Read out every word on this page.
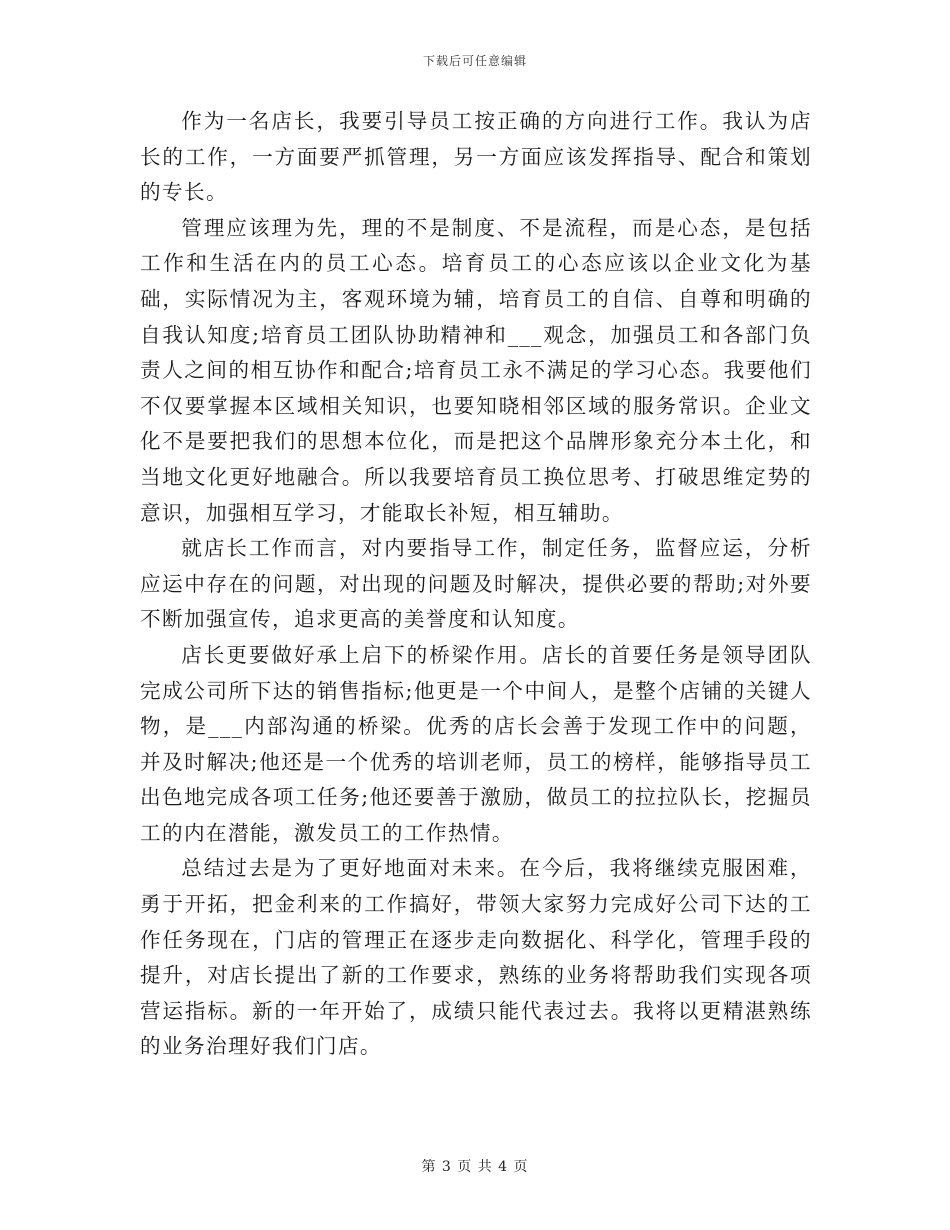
下载后可任意编辑

作为一名店长，我要引导员工按正确的方向进行工作。我认为店长的工作，一方面要严抓管理，另一方面应该发挥指导、配合和策划的专长。

管理应该理为先，理的不是制度、不是流程，而是心态，是包括工作和生活在内的员工心态。培育员工的心态应该以企业文化为基础，实际情况为主，客观环境为辅，培育员工的自信、自尊和明确的自我认知度;培育员工团队协助精神和___观念，加强员工和各部门负责人之间的相互协作和配合;培育员工永不满足的学习心态。我要他们不仅要掌握本区域相关知识，也要知晓相邻区域的服务常识。企业文化不是要把我们的思想本位化，而是把这个品牌形象充分本土化，和当地文化更好地融合。所以我要培育员工换位思考、打破思维定势的意识，加强相互学习，才能取长补短，相互辅助。

就店长工作而言，对内要指导工作，制定任务，监督应运，分析应运中存在的问题，对出现的问题及时解决，提供必要的帮助;对外要不断加强宣传，追求更高的美誉度和认知度。

店长更要做好承上启下的桥梁作用。店长的首要任务是领导团队完成公司所下达的销售指标;他更是一个中间人，是整个店铺的关键人物，是___内部沟通的桥梁。优秀的店长会善于发现工作中的问题，并及时解决;他还是一个优秀的培训老师，员工的榜样，能够指导员工出色地完成各项工任务;他还要善于激励，做员工的拉拉队长，挖掘员工的内在潜能，激发员工的工作热情。

总结过去是为了更好地面对未来。在今后，我将继续克服困难，勇于开拓，把金利来的工作搞好，带领大家努力完成好公司下达的工作任务现在，门店的管理正在逐步走向数据化、科学化，管理手段的提升，对店长提出了新的工作要求，熟练的业务将帮助我们实现各项营运指标。新的一年开始了，成绩只能代表过去。我将以更精湛熟练的业务治理好我们门店。

第 3 页 共 4 页
